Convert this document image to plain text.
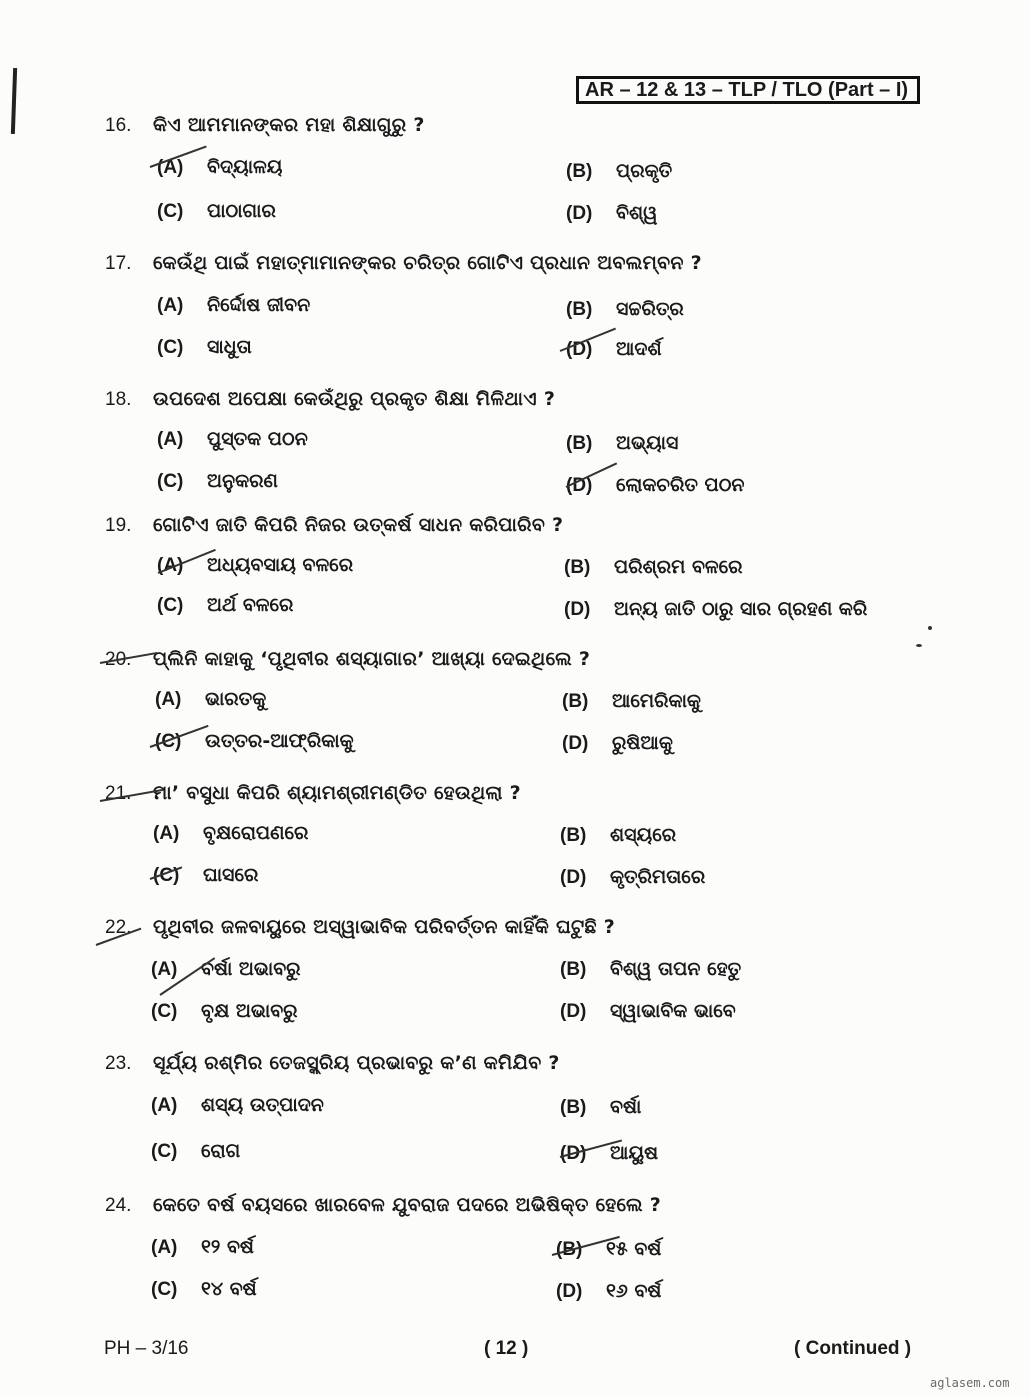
AR – 12 & 13 – TLP / TLO (Part – I)
16. କିଏ ଆମମାନଙ୍କର ମହା ଶିକ୍ଷାଗୁରୁ ?
(A) ବିଦ୍ୟାଳୟ	(B) ପ୍ରକୃତି
(C) ପାଠାଗାର	(D) ବିଶ୍ୱ
17. କେଉଁଥି ପାଇଁ ମହାତ୍ମାମାନଙ୍କର ଚରିତ୍ର ଗୋଟିଏ ପ୍ରଧାନ ଅବଲମ୍ବନ ?
(A) ନିର୍ଦ୍ଦୋଷ ଜୀବନ	(B) ସଚ୍ଚରିତ୍ର
(C) ସାଧୁତା	(D) ଆଦର୍ଶ
18. ଉପଦେଶ ଅପେକ୍ଷା କେଉଁଥିରୁ ପ୍ରକୃତ ଶିକ୍ଷା ମିଳିଥାଏ ?
(A) ପୁସ୍ତକ ପଠନ	(B) ଅଭ୍ୟାସ
(C) ଅନୁକରଣ	(D) ଲୋକଚରିତ ପଠନ
19. ଗୋଟିଏ ଜାତି କିପରି ନିଜର ଉତ୍କର୍ଷ ସାଧନ କରିପାରିବ ?
(A) ଅଧ୍ୟବସାୟ ବଳରେ	(B) ପରିଶ୍ରମ ବଳରେ
(C) ଅର୍ଥ ବଳରେ	(D) ଅନ୍ୟ ଜାତି ଠାରୁ ସାର ଗ୍ରହଣ କରି
20. ପ୍ଲିନି କାହାକୁ ‘ପୃଥିବୀର ଶସ୍ୟାଗାର’ ଆଖ୍ୟା ଦେଇଥିଲେ ?
(A) ଭାରତକୁ	(B) ଆମେରିକାକୁ
(C) ଉତ୍ତର-ଆଫ୍ରିକାକୁ	(D) ରୁଷିଆକୁ
21. ମା’ ବସୁଧା କିପରି ଶ୍ୟାମଶ୍ରୀମଣ୍ଡିତ ହେଉଥିଲା ?
(A) ବୃକ୍ଷରୋପଣରେ	(B) ଶସ୍ୟରେ
(C) ଘାସରେ	(D) କୃତ୍ରିମତାରେ
22. ପୃଥିବୀର ଜଳବାୟୁରେ ଅସ୍ୱାଭାବିକ ପରିବର୍ତ୍ତନ କାହିଁକି ଘଟୁଛି ?
(A) ବର୍ଷା ଅଭାବରୁ	(B) ବିଶ୍ୱ ତାପନ ହେତୁ
(C) ବୃକ୍ଷ ଅଭାବରୁ	(D) ସ୍ୱାଭାବିକ ଭାବେ
23. ସୂର୍ଯ୍ୟ ରଶ୍ମିର ତେଜସ୍କ୍ରିୟ ପ୍ରଭାବରୁ କ’ଣ କମିଯିବ ?
(A) ଶସ୍ୟ ଉତ୍ପାଦନ	(B) ବର୍ଷା
(C) ରୋଗ	(D) ଆୟୁଷ
24. କେତେ ବର୍ଷ ବୟସରେ ଖାରବେଳ ଯୁବରାଜ ପଦରେ ଅଭିଷିକ୍ତ ହେଲେ ?
(A) ୧୨ ବର୍ଷ	(B) ୧୫ ବର୍ଷ
(C) ୧୪ ବର୍ଷ	(D) ୧୬ ବର୍ଷ
PH – 3/16	( 12 )	( Continued )
aglasem.com
